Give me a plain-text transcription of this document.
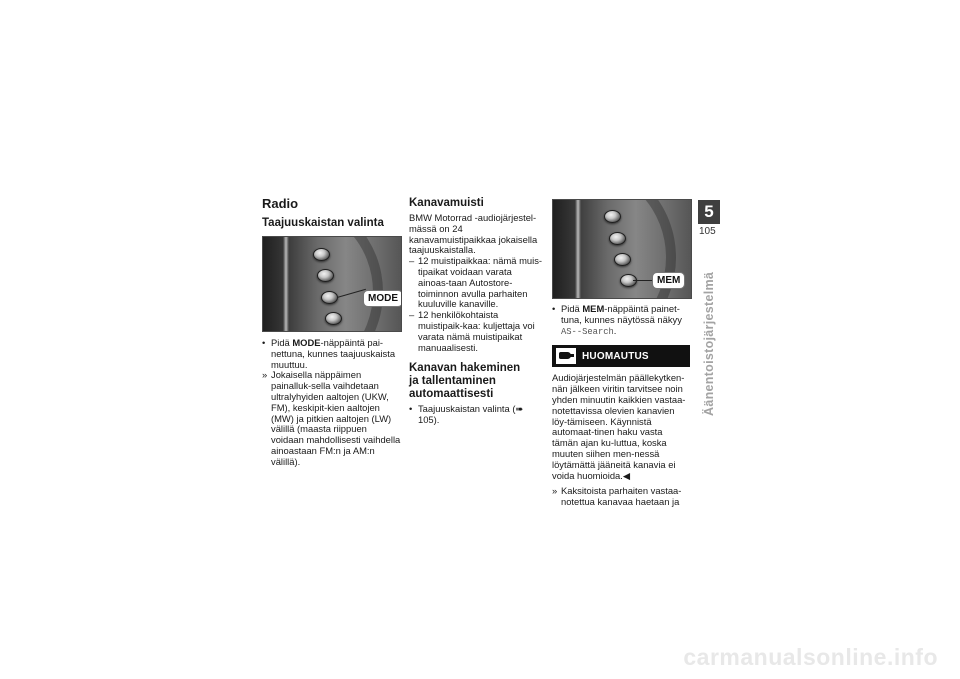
Radio
Taajuuskaistan valinta
MODE
• Pidä MODE-näppäintä pai-nettuna, kunnes taajuuskaista muuttuu.
» Jokaisella näppäimen painalluk-sella vaihdetaan ultralyhyiden aaltojen (UKW, FM), keskipit-kien aaltojen (MW) ja pitkien aaltojen (LW) välillä (maasta riippuen voidaan mahdollisesti vaihdella ainoastaan FM:n ja AM:n välillä).
Kanavamuisti

BMW Motorrad -audiojärjestel-mässä on 24 kanavamuistipaikkaa jokaisella taajuuskaistalla.

– 12 muistipaikkaa: nämä muis-tipaikat voidaan varata ainoas-taan Autostore-toiminnon avulla parhaiten kuuluville kanaville.
– 12 henkilökohtaista muistipaik-kaa: kuljettaja voi varata nämä muistipaikat manuaalisesti.
Kanavan hakeminen
ja tallentaminen
automaattisesti
• Taajuuskaistan valinta (➠ 105).
MEM
• Pidä MEM-näppäintä painet-tuna, kunnes näytössä näkyy AS--Search.
HUOMAUTUS

Audiojärjestelmän päällekytken-nän jälkeen viritin tarvitsee noin yhden minuutin kaikkien vastaa-notettavissa olevien kanavien löy-tämiseen. Käynnistä automaat-tinen haku vasta tämän ajan ku-luttua, koska muuten siihen men-nessä löytämättä jääneitä kanavia ei voida huomioida.◀

» Kaksitoista parhaiten vastaa-notettua kanavaa haetaan ja
5
105
Äänentoistojärjestelmä
carmanualsonline.info
